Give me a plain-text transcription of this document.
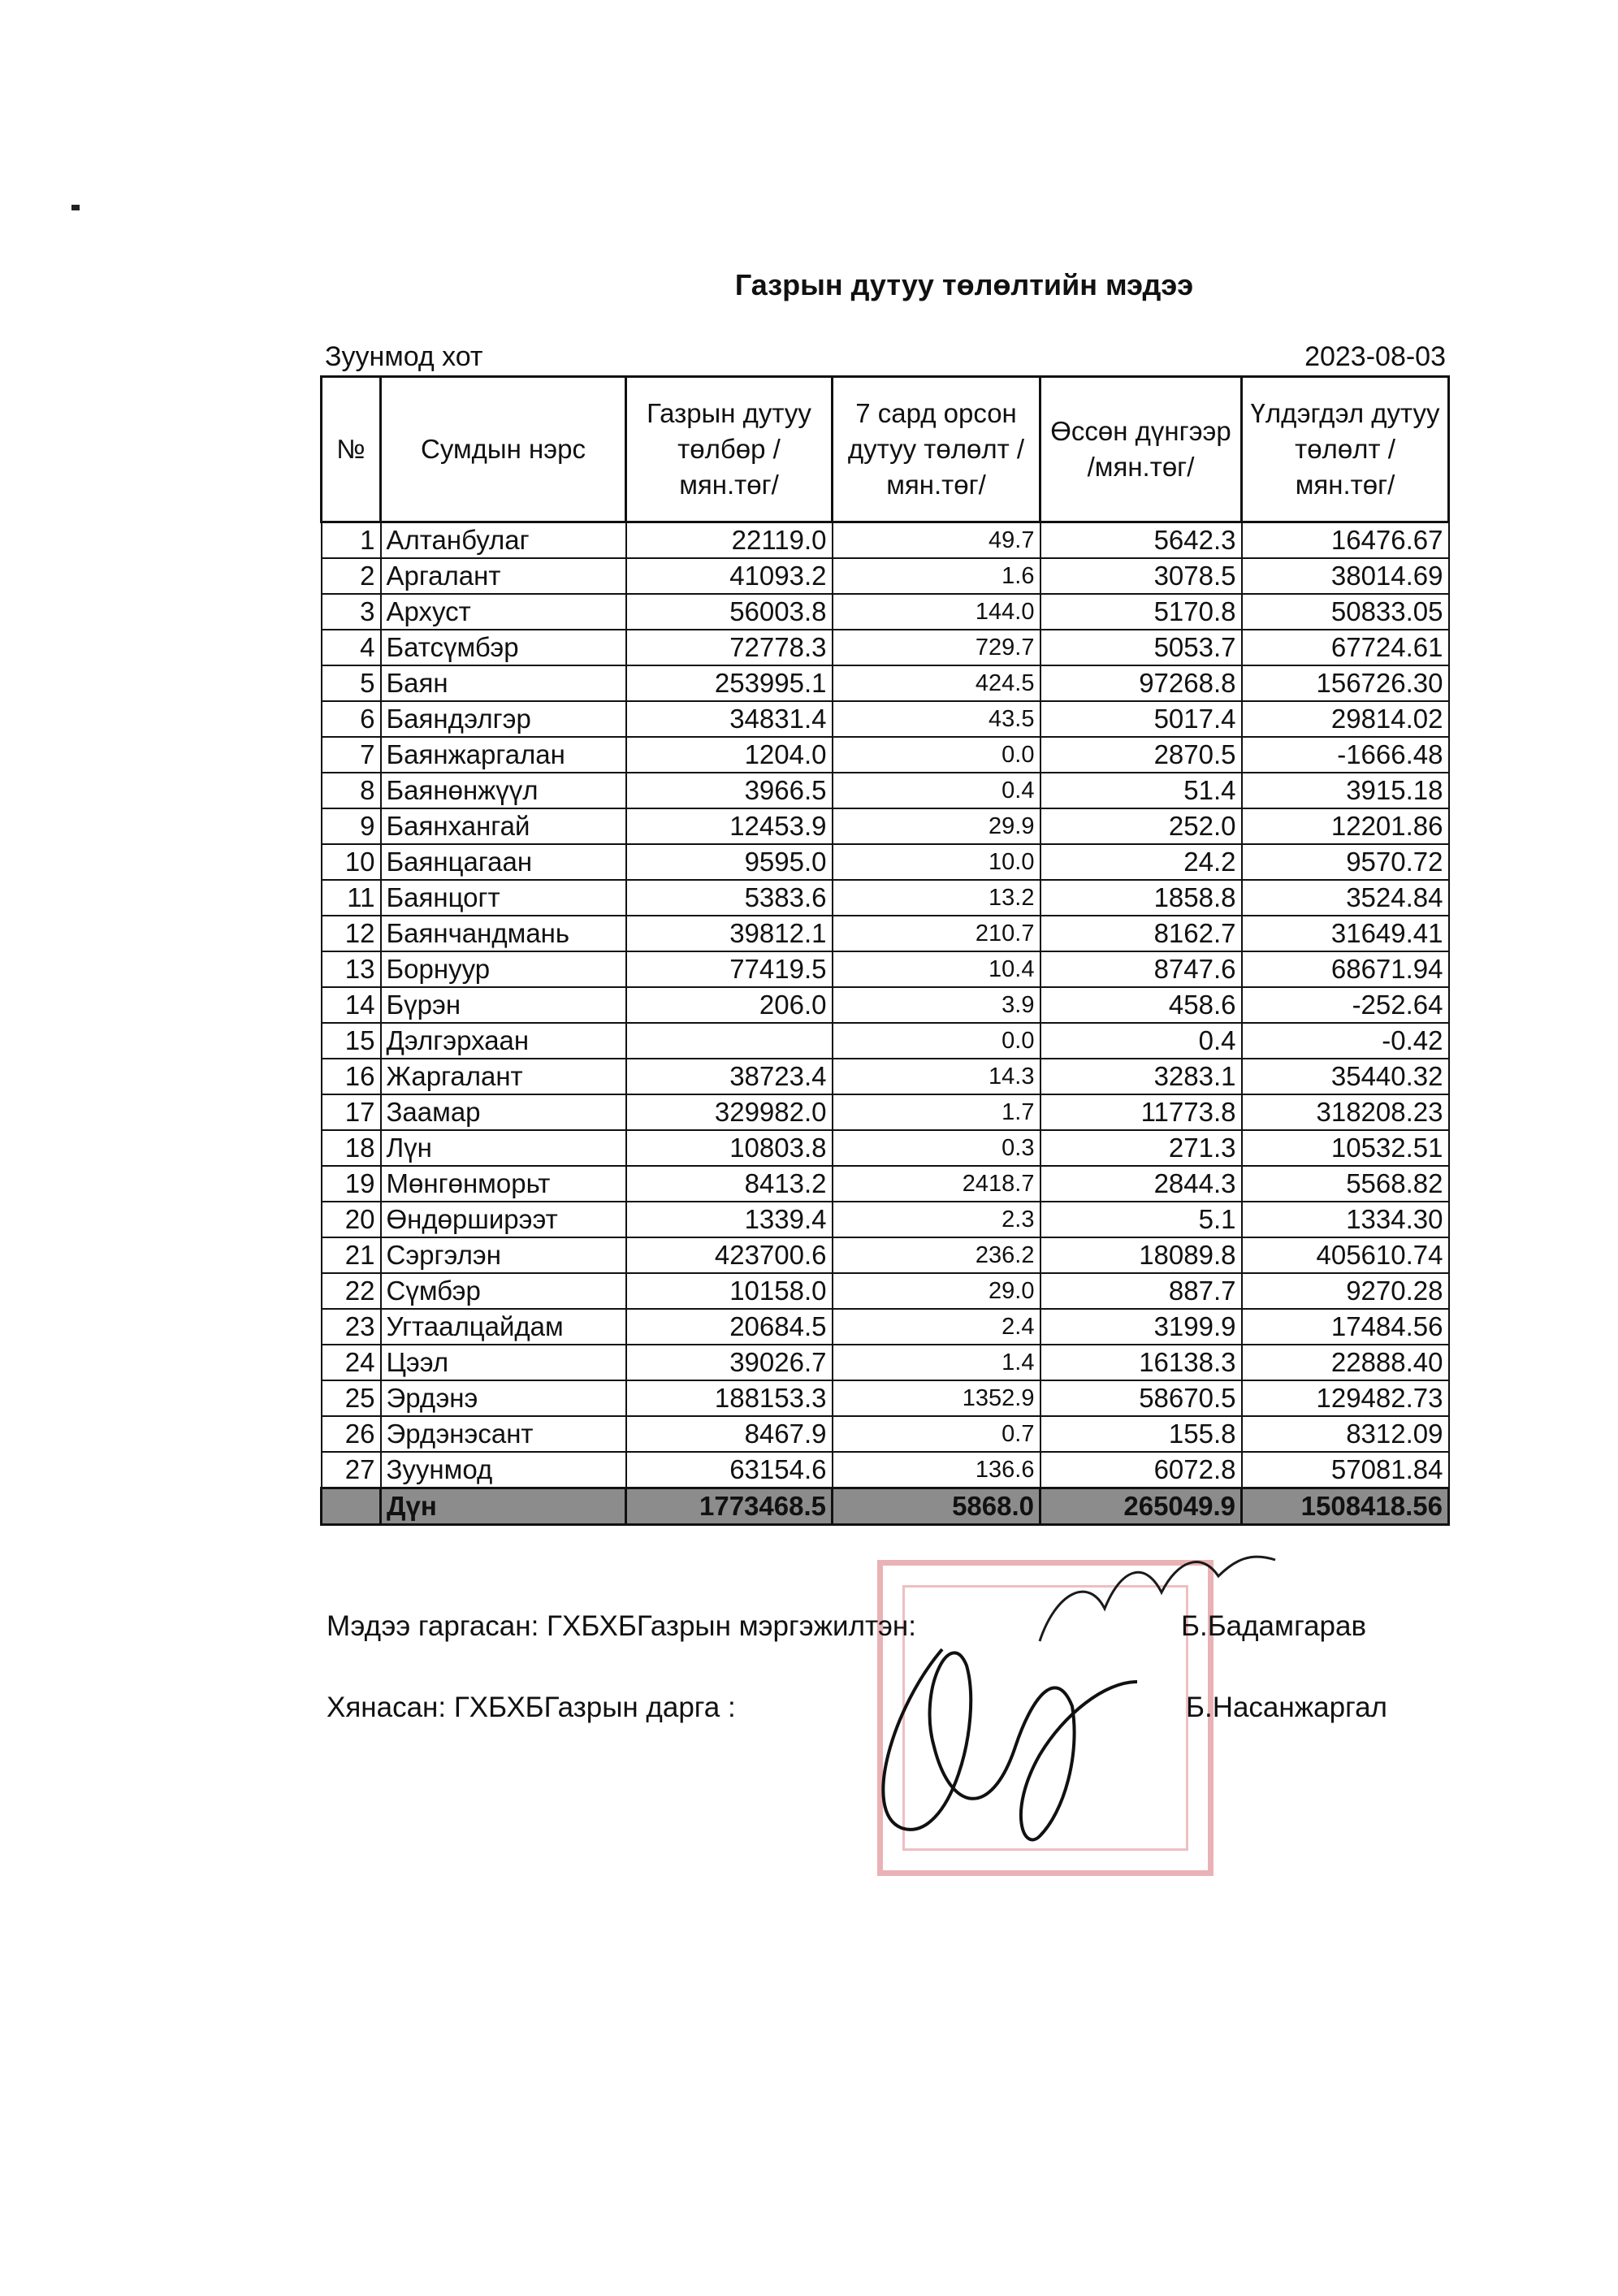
Газрын дутуу төлөлтийн мэдээ
Зуунмод хот	2023-08-03
№	Сумдын нэрс	Газрын дутуу төлбөр /мян.төг/	7 сард орсон дутуу төлөлт /мян.төг/	Өссөн дүнгээр /мян.төг/	Үлдэгдэл дутуу төлөлт /мян.төг/
1	Алтанбулаг	22119.0	49.7	5642.3	16476.67
2	Аргалант	41093.2	1.6	3078.5	38014.69
3	Архуст	56003.8	144.0	5170.8	50833.05
4	Батсүмбэр	72778.3	729.7	5053.7	67724.61
5	Баян	253995.1	424.5	97268.8	156726.30
6	Баяндэлгэр	34831.4	43.5	5017.4	29814.02
7	Баянжаргалан	1204.0	0.0	2870.5	-1666.48
8	Баянөнжүүл	3966.5	0.4	51.4	3915.18
9	Баянхангай	12453.9	29.9	252.0	12201.86
10	Баянцагаан	9595.0	10.0	24.2	9570.72
11	Баянцогт	5383.6	13.2	1858.8	3524.84
12	Баянчандмань	39812.1	210.7	8162.7	31649.41
13	Борнуур	77419.5	10.4	8747.6	68671.94
14	Бүрэн	206.0	3.9	458.6	-252.64
15	Дэлгэрхаан		0.0	0.4	-0.42
16	Жаргалант	38723.4	14.3	3283.1	35440.32
17	Заамар	329982.0	1.7	11773.8	318208.23
18	Лүн	10803.8	0.3	271.3	10532.51
19	Мөнгөнморьт	8413.2	2418.7	2844.3	5568.82
20	Өндөрширээт	1339.4	2.3	5.1	1334.30
21	Сэргэлэн	423700.6	236.2	18089.8	405610.74
22	Сүмбэр	10158.0	29.0	887.7	9270.28
23	Угтаалцайдам	20684.5	2.4	3199.9	17484.56
24	Цээл	39026.7	1.4	16138.3	22888.40
25	Эрдэнэ	188153.3	1352.9	58670.5	129482.73
26	Эрдэнэсант	8467.9	0.7	155.8	8312.09
27	Зуунмод	63154.6	136.6	6072.8	57081.84
	Дүн	1773468.5	5868.0	265049.9	1508418.56
Мэдээ гаргасан: ГХБХБГазрын мэргэжилтэн:	Б.Бадамгарав
Хянасан: ГХБХБГазрын дарга :	Б.Насанжаргал
